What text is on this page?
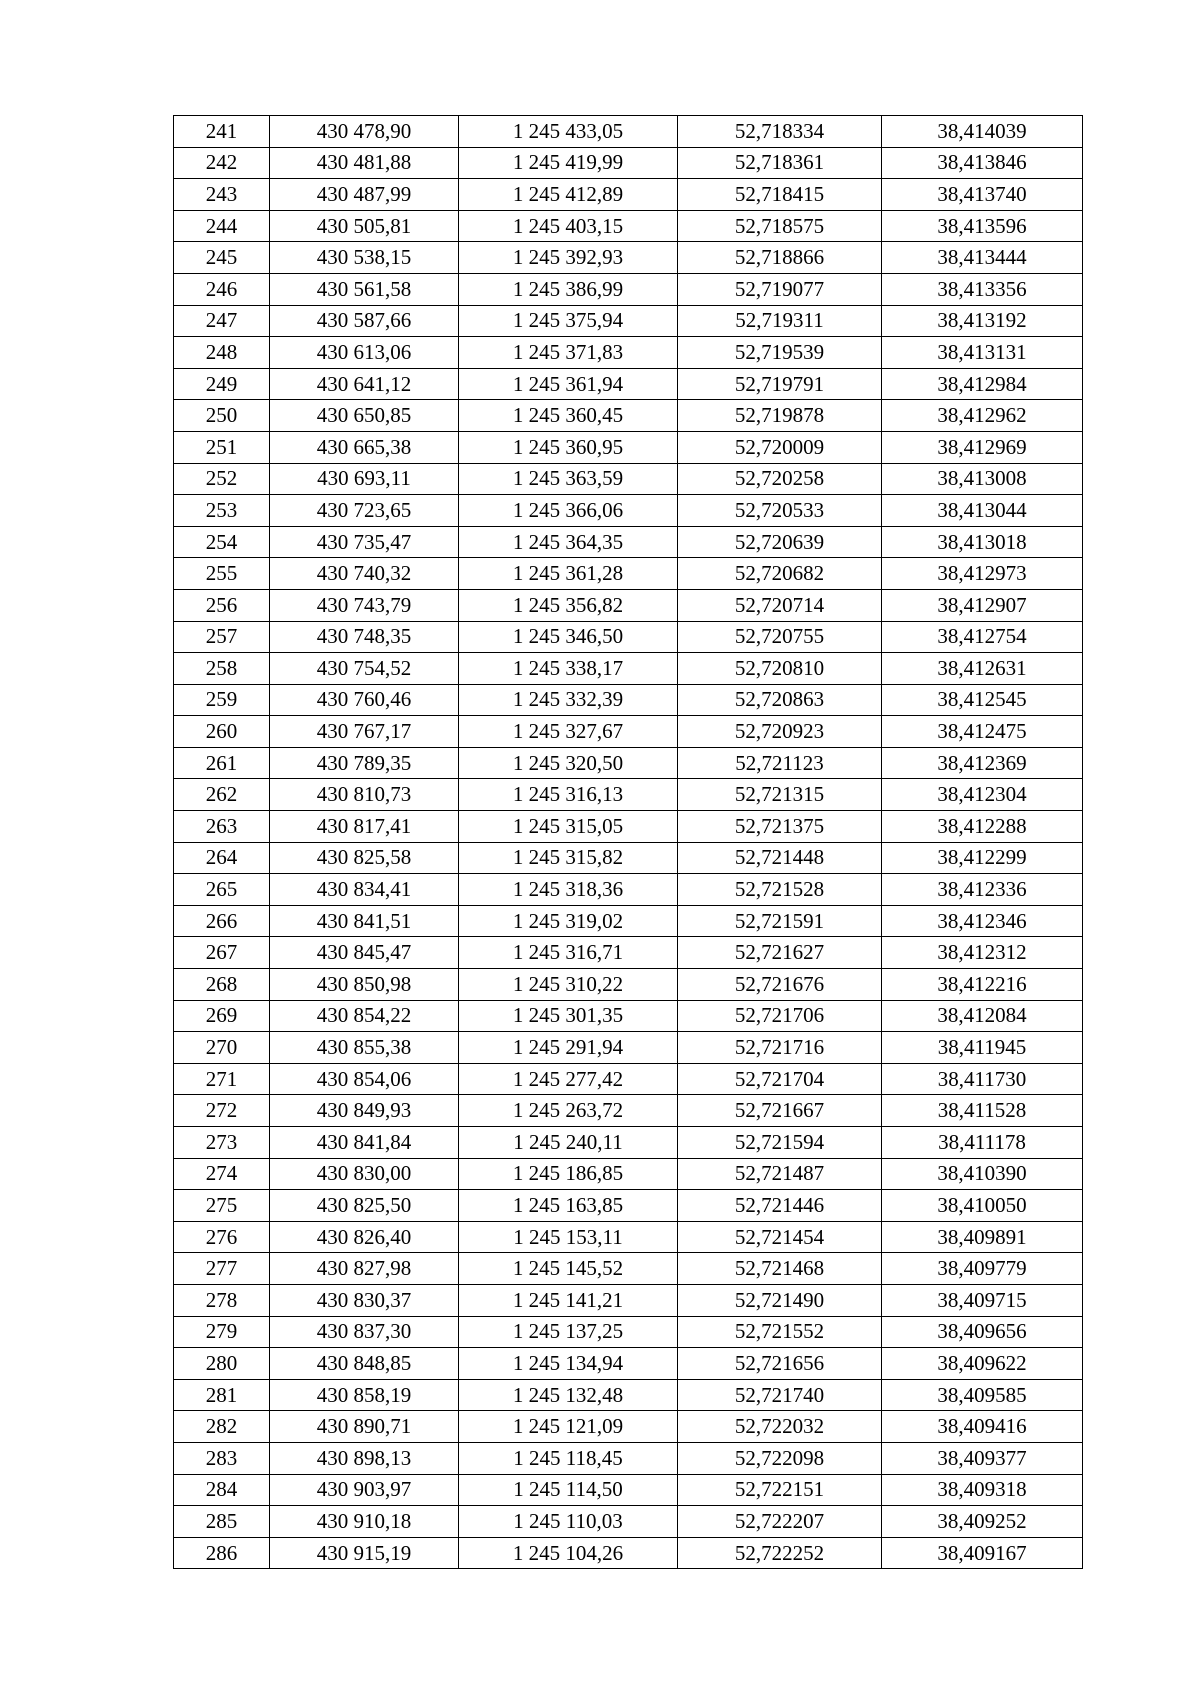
241	430 478,90	1 245 433,05	52,718334	38,414039
242	430 481,88	1 245 419,99	52,718361	38,413846
243	430 487,99	1 245 412,89	52,718415	38,413740
244	430 505,81	1 245 403,15	52,718575	38,413596
245	430 538,15	1 245 392,93	52,718866	38,413444
246	430 561,58	1 245 386,99	52,719077	38,413356
247	430 587,66	1 245 375,94	52,719311	38,413192
248	430 613,06	1 245 371,83	52,719539	38,413131
249	430 641,12	1 245 361,94	52,719791	38,412984
250	430 650,85	1 245 360,45	52,719878	38,412962
251	430 665,38	1 245 360,95	52,720009	38,412969
252	430 693,11	1 245 363,59	52,720258	38,413008
253	430 723,65	1 245 366,06	52,720533	38,413044
254	430 735,47	1 245 364,35	52,720639	38,413018
255	430 740,32	1 245 361,28	52,720682	38,412973
256	430 743,79	1 245 356,82	52,720714	38,412907
257	430 748,35	1 245 346,50	52,720755	38,412754
258	430 754,52	1 245 338,17	52,720810	38,412631
259	430 760,46	1 245 332,39	52,720863	38,412545
260	430 767,17	1 245 327,67	52,720923	38,412475
261	430 789,35	1 245 320,50	52,721123	38,412369
262	430 810,73	1 245 316,13	52,721315	38,412304
263	430 817,41	1 245 315,05	52,721375	38,412288
264	430 825,58	1 245 315,82	52,721448	38,412299
265	430 834,41	1 245 318,36	52,721528	38,412336
266	430 841,51	1 245 319,02	52,721591	38,412346
267	430 845,47	1 245 316,71	52,721627	38,412312
268	430 850,98	1 245 310,22	52,721676	38,412216
269	430 854,22	1 245 301,35	52,721706	38,412084
270	430 855,38	1 245 291,94	52,721716	38,411945
271	430 854,06	1 245 277,42	52,721704	38,411730
272	430 849,93	1 245 263,72	52,721667	38,411528
273	430 841,84	1 245 240,11	52,721594	38,411178
274	430 830,00	1 245 186,85	52,721487	38,410390
275	430 825,50	1 245 163,85	52,721446	38,410050
276	430 826,40	1 245 153,11	52,721454	38,409891
277	430 827,98	1 245 145,52	52,721468	38,409779
278	430 830,37	1 245 141,21	52,721490	38,409715
279	430 837,30	1 245 137,25	52,721552	38,409656
280	430 848,85	1 245 134,94	52,721656	38,409622
281	430 858,19	1 245 132,48	52,721740	38,409585
282	430 890,71	1 245 121,09	52,722032	38,409416
283	430 898,13	1 245 118,45	52,722098	38,409377
284	430 903,97	1 245 114,50	52,722151	38,409318
285	430 910,18	1 245 110,03	52,722207	38,409252
286	430 915,19	1 245 104,26	52,722252	38,409167
